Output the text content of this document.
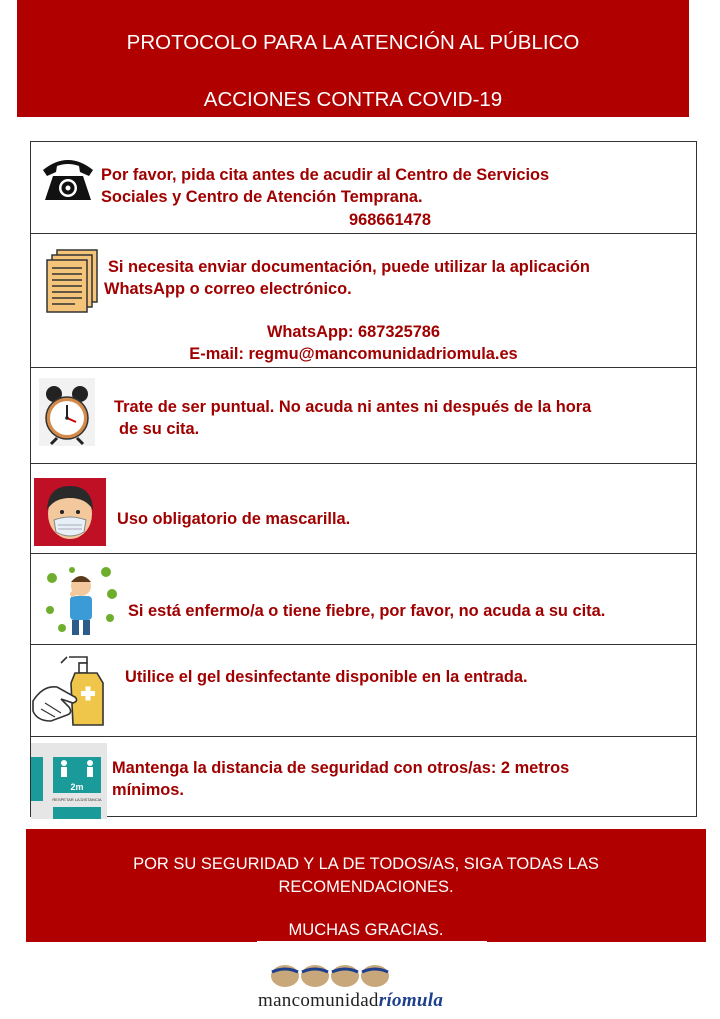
PROTOCOLO PARA LA ATENCIÓN AL PÚBLICO
ACCIONES CONTRA COVID-19
Por favor, pida cita antes de acudir al Centro de Servicios
Sociales y Centro de Atención Temprana.
968661478
Si necesita enviar documentación, puede utilizar la aplicación
WhatsApp o correo electrónico.
WhatsApp: 687325786
E-mail: regmu@mancomunidadriomula.es
Trate de ser puntual. No acuda ni antes ni después de la hora
de su cita.
Uso obligatorio de mascarilla.
Si está enfermo/a o tiene fiebre, por favor, no acuda a su cita.
Utilice el gel desinfectante disponible en la entrada.
2m
RESPETAR LA DISTANCIA
Mantenga la distancia de seguridad con otros/as: 2 metros
mínimos.
POR SU SEGURIDAD Y LA DE TODOS/AS, SIGA TODAS LAS
RECOMENDACIONES.
MUCHAS GRACIAS.
mancomunidadríomula
